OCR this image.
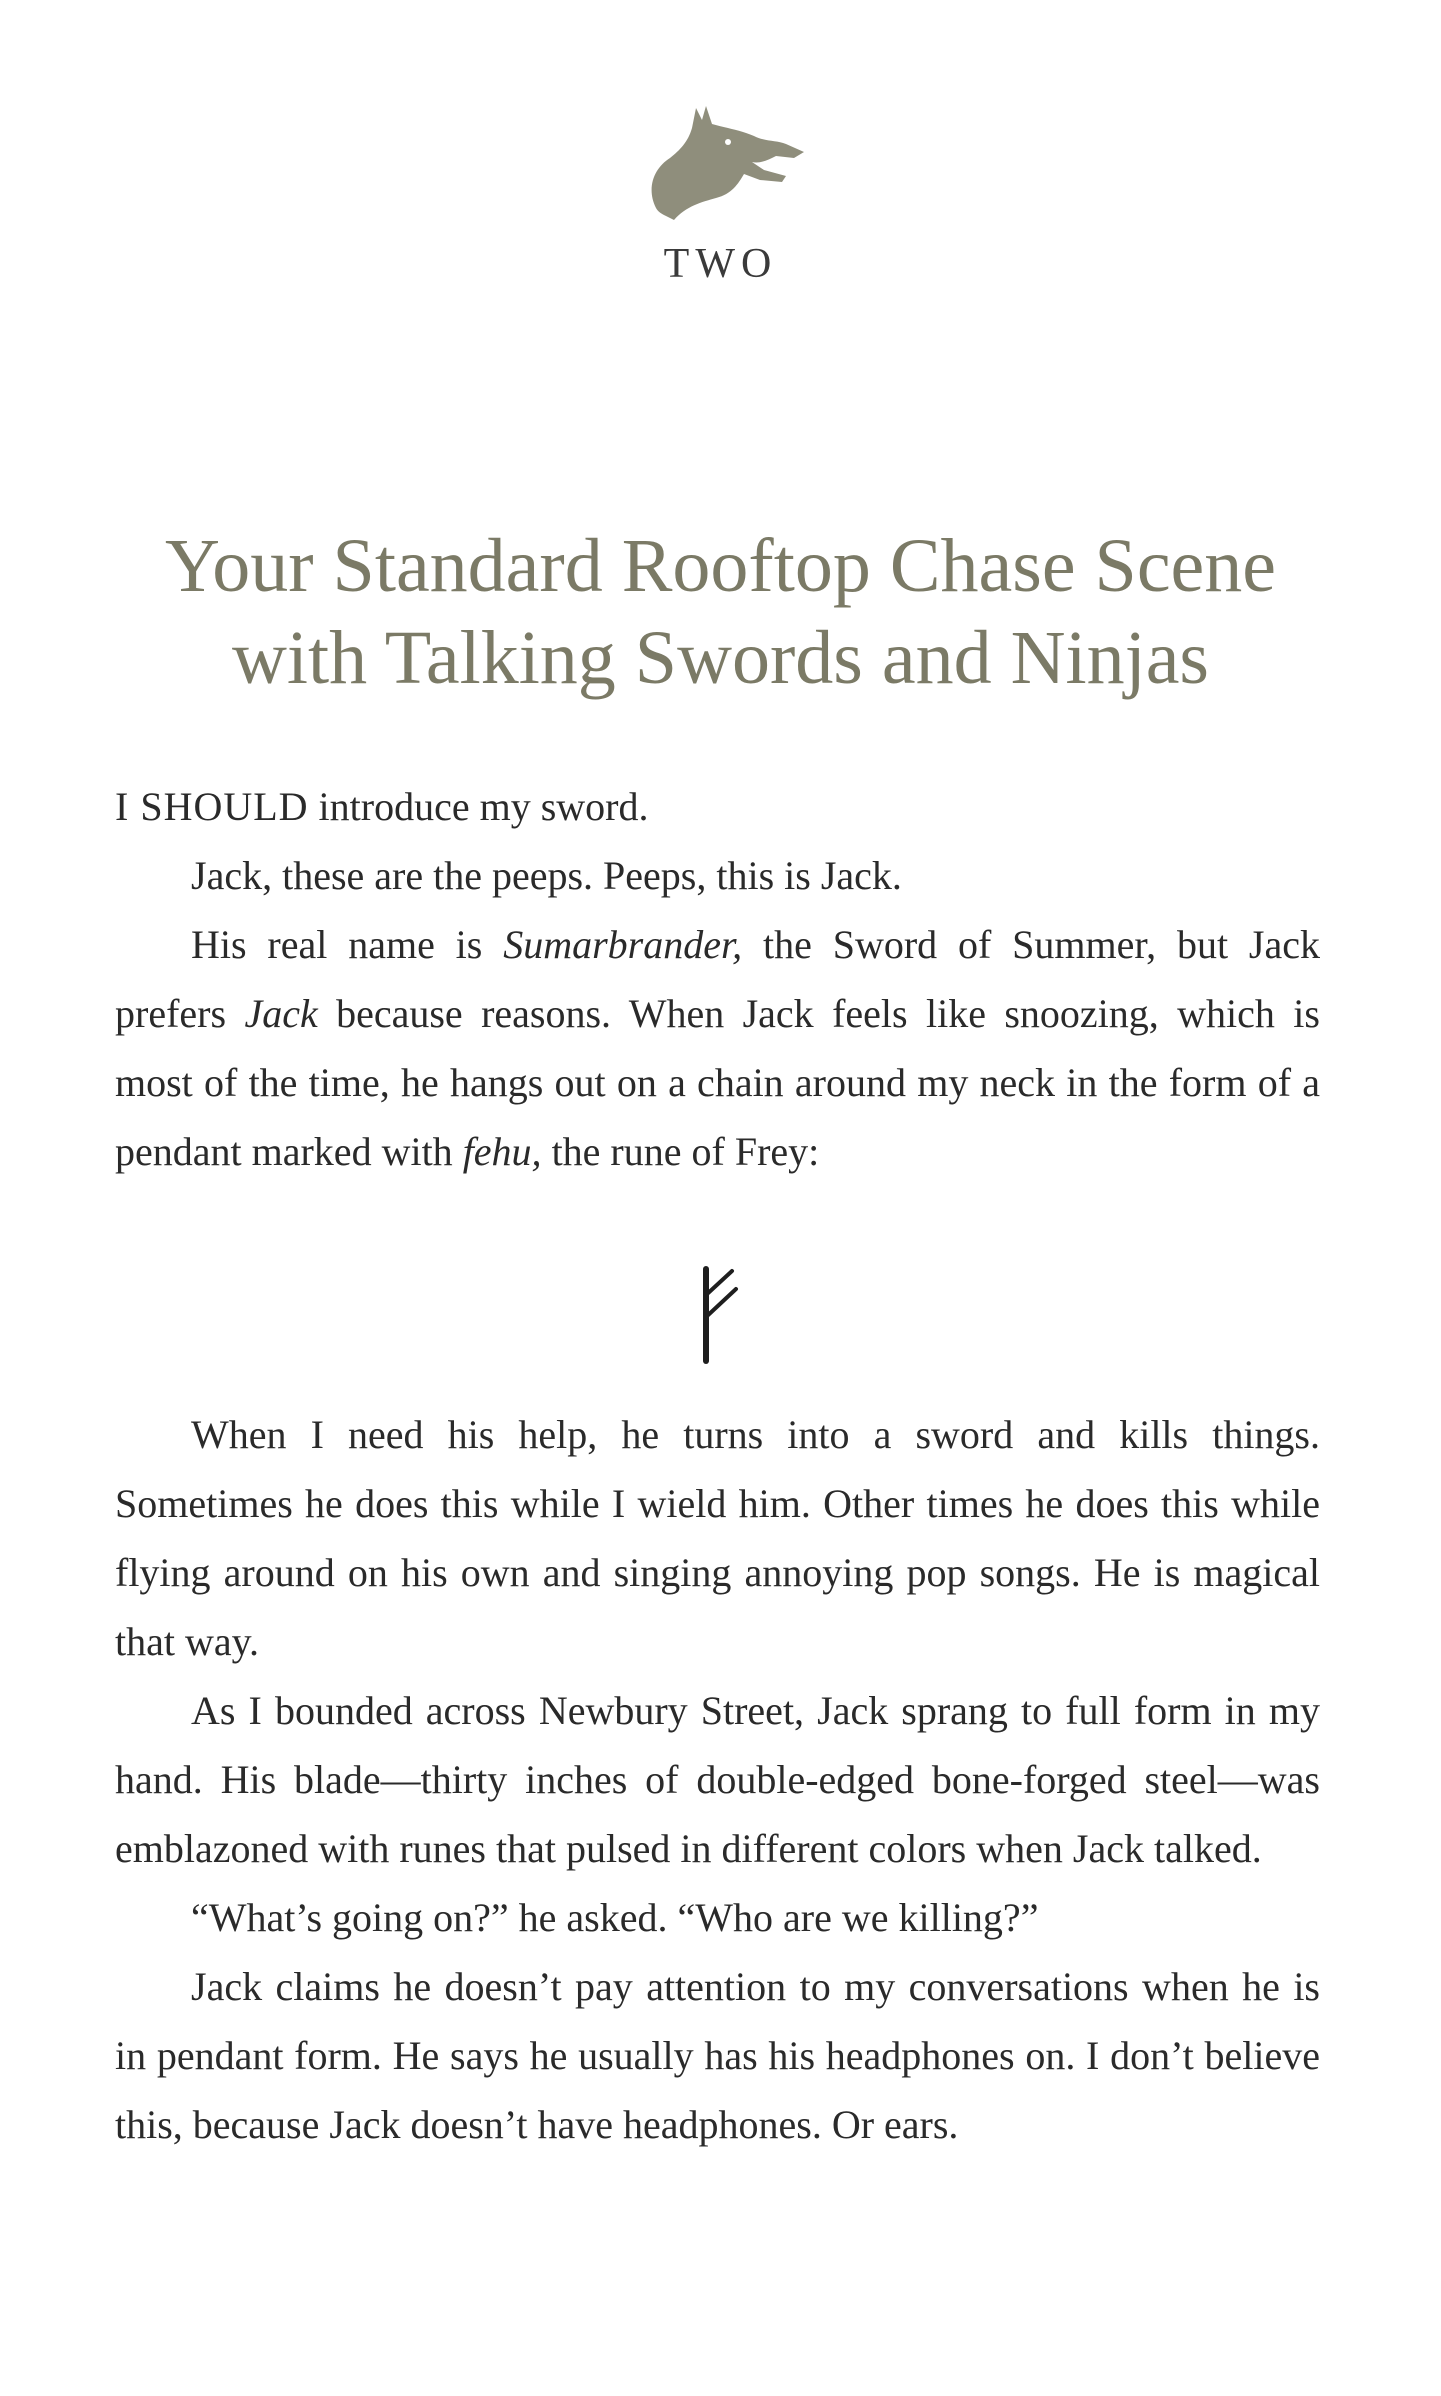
TWO
Your Standard Rooftop Chase Scene
with Talking Swords and Ninjas

I SHOULD introduce my sword.

Jack, these are the peeps. Peeps, this is Jack.

His real name is Sumarbrander, the Sword of Summer, but Jack prefers Jack because reasons. When Jack feels like snoozing, which is most of the time, he hangs out on a chain around my neck in the form of a pendant marked with fehu, the rune of Frey:

When I need his help, he turns into a sword and kills things. Sometimes he does this while I wield him. Other times he does this while flying around on his own and singing annoying pop songs. He is magical that way.

As I bounded across Newbury Street, Jack sprang to full form in my hand. His blade—thirty inches of double-edged bone-forged steel—was emblazoned with runes that pulsed in different colors when Jack talked.

“What’s going on?” he asked. “Who are we killing?”

Jack claims he doesn’t pay attention to my conversations when he is in pendant form. He says he usually has his headphones on. I don’t believe this, because Jack doesn’t have headphones. Or ears.
